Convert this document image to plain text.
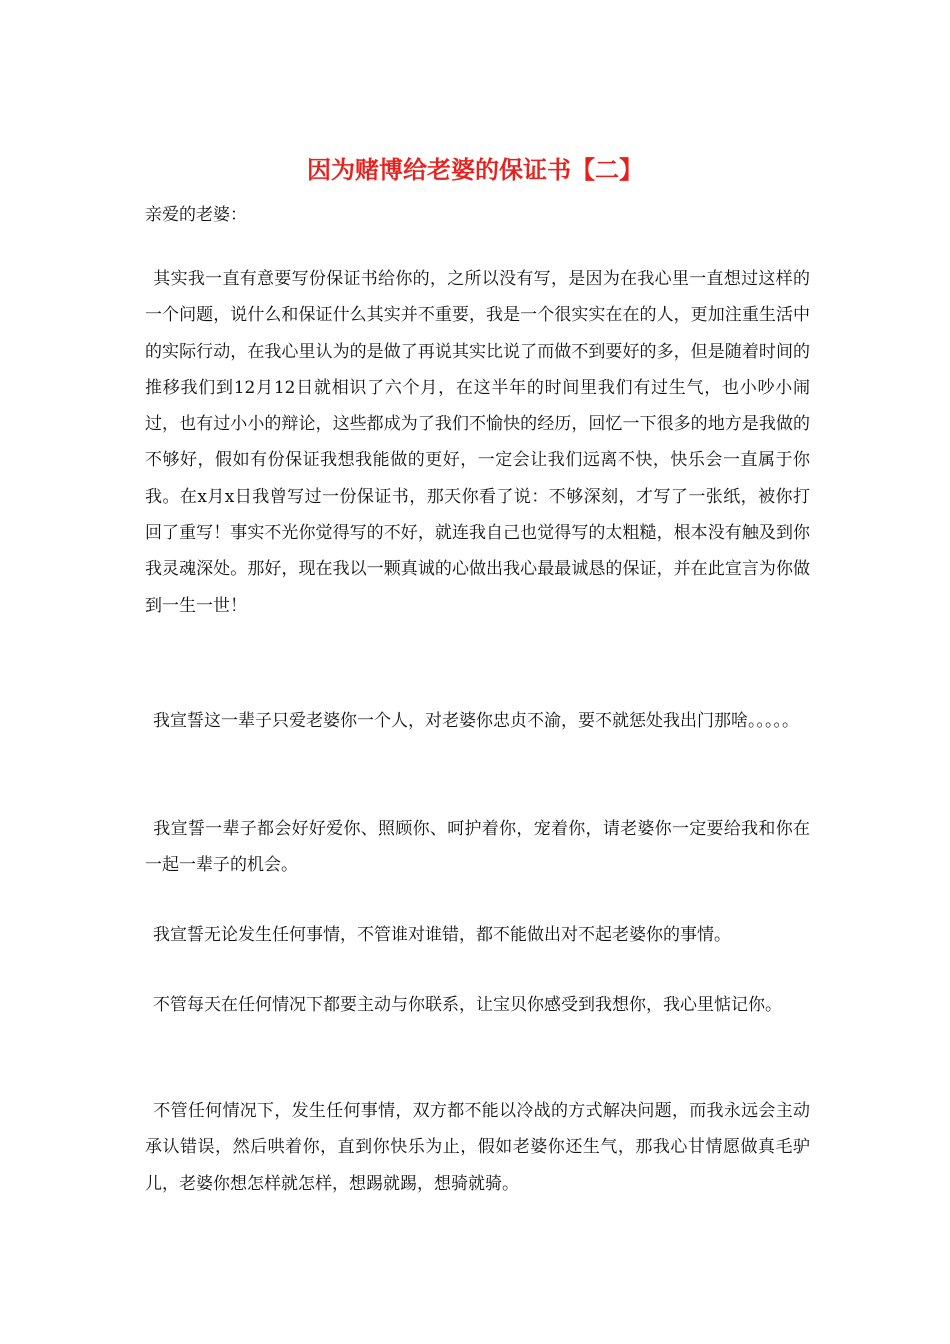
因为赌博给老婆的保证书【二】

亲爱的老婆：

其实我一直有意要写份保证书给你的，之所以没有写，是因为在我心里一直想过这样的一个问题，说什么和保证什么其实并不重要，我是一个很实实在在的人，更加注重生活中的实际行动，在我心里认为的是做了再说其实比说了而做不到要好的多，但是随着时间的推移我们到12月12日就相识了六个月，在这半年的时间里我们有过生气，也小吵小闹过，也有过小小的辩论，这些都成为了我们不愉快的经历，回忆一下很多的地方是我做的不够好，假如有份保证我想我能做的更好，一定会让我们远离不快，快乐会一直属于你我。在x月x日我曾写过一份保证书，那天你看了说：不够深刻，才写了一张纸，被你打回了重写！事实不光你觉得写的不好，就连我自己也觉得写的太粗糙，根本没有触及到你我灵魂深处。那好，现在我以一颗真诚的心做出我心最最诚恳的保证，并在此宣言为你做到一生一世！

我宣誓这一辈子只爱老婆你一个人，对老婆你忠贞不渝，要不就惩处我出门那啥。。。。。

我宣誓一辈子都会好好爱你、照顾你、呵护着你，宠着你，请老婆你一定要给我和你在一起一辈子的机会。

我宣誓无论发生任何事情，不管谁对谁错，都不能做出对不起老婆你的事情。

不管每天在任何情况下都要主动与你联系，让宝贝你感受到我想你，我心里惦记你。

不管任何情况下，发生任何事情，双方都不能以冷战的方式解决问题，而我永远会主动承认错误，然后哄着你，直到你快乐为止，假如老婆你还生气，那我心甘情愿做真毛驴儿，老婆你想怎样就怎样，想踢就踢，想骑就骑。
